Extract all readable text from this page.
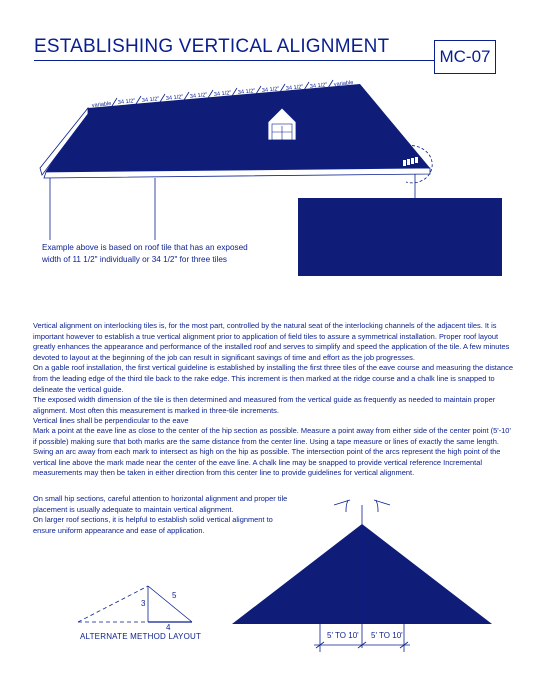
ESTABLISHING VERTICAL ALIGNMENT	MC-07
variable 34 1/2" 34 1/2" 34 1/2" 34 1/2" 34 1/2" 34 1/2" 34 1/2" 34 1/2" 34 1/2" variable
Example above is based on roof tile that has an exposed
width of 11 1/2" individually or 34 1/2" for three tiles

Vertical alignment on interlocking tiles is, for the most part, controlled by the natural seat of the interlocking channels of the adjacent tiles. It is important however to establish a true vertical alignment prior to application of field tiles to assure a symmetrical installation. Proper roof layout greatly enhances the appearance and performance of the installed roof and serves to simplify and speed the application of the tile. A few minutes devoted to layout at the beginning of the job can result in significant savings of time and effort as the job progresses.

On a gable roof installation, the first vertical guideline is established by installing the first three tiles of the eave course and measuring the distance from the leading edge of the third tile back to the rake edge. This increment is then marked at the ridge course and a chalk line is snapped to delineate the vertical guide.

The exposed width dimension of the tile is then determined and measured from the vertical guide as frequently as needed to maintain proper alignment. Most often this measurement is marked in three-tile increments.

Vertical lines shall be perpendicular to the eave

Mark a point at the eave line as close to the center of the hip section as possible. Measure a point away from either side of the center point (5'-10' if possible) making sure that both marks are the same distance from the center line. Using a tape measure or lines of exactly the same length. Swing an arc away from each mark to intersect as high on the hip as possible. The intersection point of the arcs represent the high point of the vertical line above the mark made near the center of the eave line. A chalk line may be snapped to provide vertical reference Incremental measurements may then be taken in either direction from this center line to provide guidelines for vertical alignment.

On small hip sections, careful attention to horizontal alignment and proper tile placement is usually adequate to maintain vertical alignment.

On larger roof sections, it is helpful to establish solid vertical alignment to ensure uniform appearance and ease of application.

3
4
5
ALTERNATE METHOD LAYOUT	5' TO 10' 5' TO 10'
